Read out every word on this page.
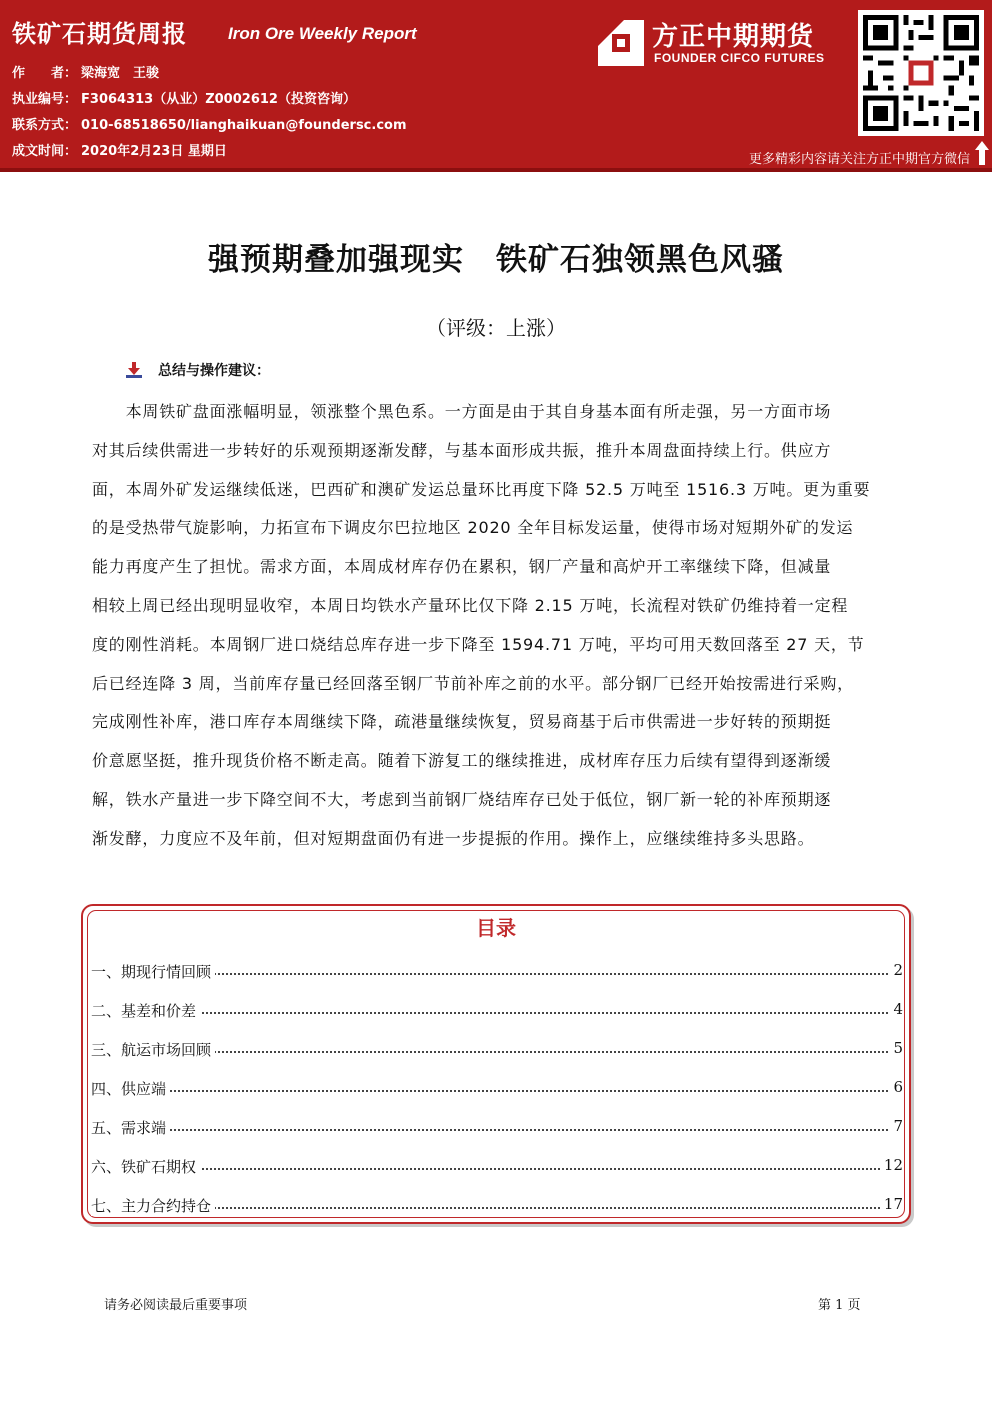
铁矿石期货周报 Iron Ore Weekly Report
作　　者： 梁海宽　王骏
执业编号： F3064313（从业）Z0002612（投资咨询）
联系方式： 010-68518650/lianghaikuan@foundersc.com
成文时间： 2020年2月23日 星期日
方正中期期货
FOUNDER CIFCO FUTURES
更多精彩内容请关注方正中期官方微信
强预期叠加强现实　铁矿石独领黑色风骚
（评级：上涨）
总结与操作建议：
　　本周铁矿盘面涨幅明显，领涨整个黑色系。一方面是由于其自身基本面有所走强，另一方面市场
对其后续供需进一步转好的乐观预期逐渐发酵，与基本面形成共振，推升本周盘面持续上行。供应方
面，本周外矿发运继续低迷，巴西矿和澳矿发运总量环比再度下降 52.5 万吨至 1516.3 万吨。更为重要
的是受热带气旋影响，力拓宣布下调皮尔巴拉地区 2020 全年目标发运量，使得市场对短期外矿的发运
能力再度产生了担忧。需求方面，本周成材库存仍在累积，钢厂产量和高炉开工率继续下降，但减量
相较上周已经出现明显收窄，本周日均铁水产量环比仅下降 2.15 万吨，长流程对铁矿仍维持着一定程
度的刚性消耗。本周钢厂进口烧结总库存进一步下降至 1594.71 万吨，平均可用天数回落至 27 天，节
后已经连降 3 周，当前库存量已经回落至钢厂节前补库之前的水平。部分钢厂已经开始按需进行采购，
完成刚性补库，港口库存本周继续下降，疏港量继续恢复，贸易商基于后市供需进一步好转的预期挺
价意愿坚挺，推升现货价格不断走高。随着下游复工的继续推进，成材库存压力后续有望得到逐渐缓
解，铁水产量进一步下降空间不大，考虑到当前钢厂烧结库存已处于低位，钢厂新一轮的补库预期逐
渐发酵，力度应不及年前，但对短期盘面仍有进一步提振的作用。操作上，应继续维持多头思路。
目录
一、期现行情回顾	2
二、基差和价差	4
三、航运市场回顾	5
四、供应端	6
五、需求端	7
六、铁矿石期权	12
七、主力合约持仓	17
请务必阅读最后重要事项	第 1 页
